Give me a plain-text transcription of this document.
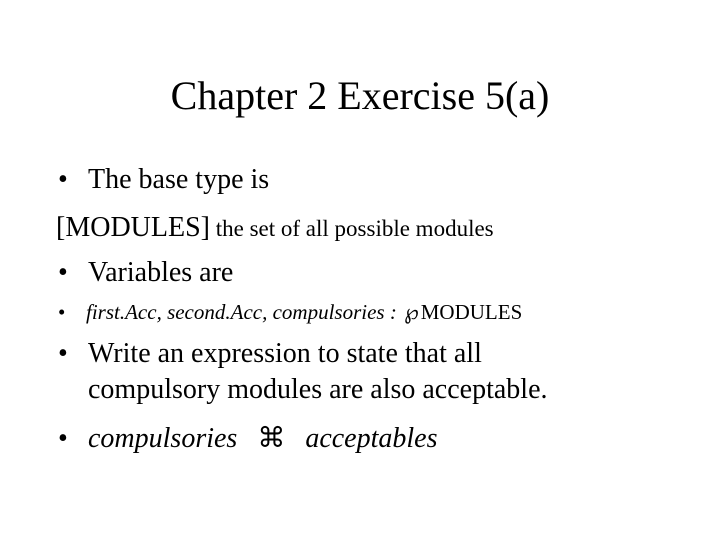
Chapter 2 Exercise 5(a)
• The base type is
[MODULES] the set of all possible modules
• Variables are
• first.Acc, second.Acc, compulsories : ℘MODULES
• Write an expression to state that all
compulsory modules are also acceptable.
• compulsories ⌘ acceptables
